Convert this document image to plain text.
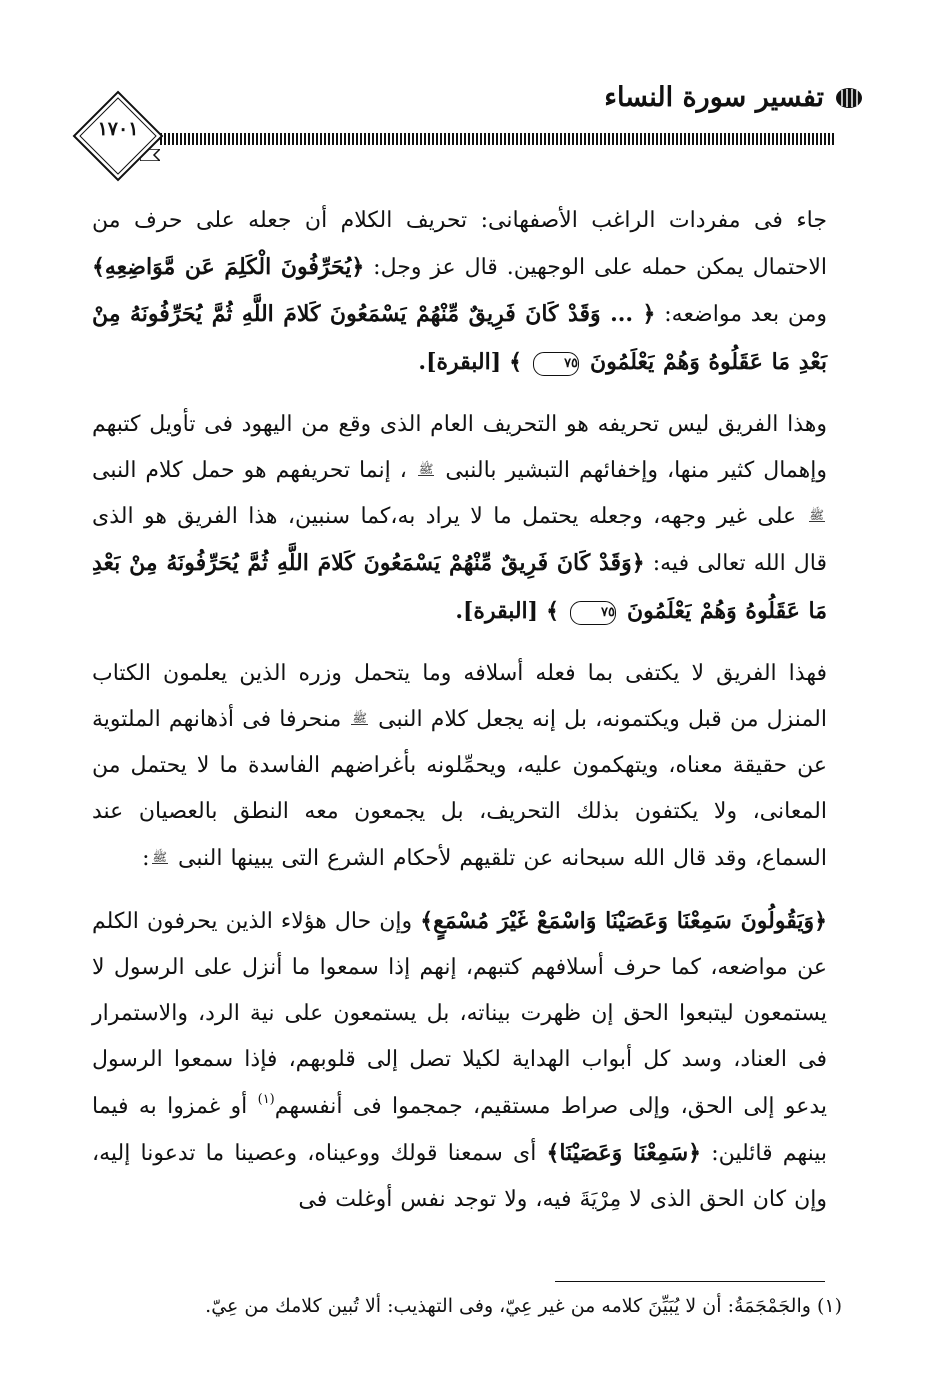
تفسير سورة النساء
١٧٠١

جاء فى مفردات الراغب الأصفهانى: تحريف الكلام أن جعله على حرف من الاحتمال يمكن حمله على الوجهين. قال عز وجل: ﴿يُحَرِّفُونَ الْكَلِمَ عَن مَّوَاضِعِهِ﴾ ومن بعد مواضعه: ﴿ ... وَقَدْ كَانَ فَرِيقٌ مِّنْهُمْ يَسْمَعُونَ كَلامَ اللَّهِ ثُمَّ يُحَرِّفُونَهُ مِنْ بَعْدِ مَا عَقَلُوهُ وَهُمْ يَعْلَمُونَ ٧٥ ﴾ [البقرة].

وهذا الفريق ليس تحريفه هو التحريف العام الذى وقع من اليهود فى تأويل كتبهم وإهمال كثير منها، وإخفائهم التبشير بالنبى ﷺ ، إنما تحريفهم هو حمل كلام النبى ﷺ على غير وجهه، وجعله يحتمل ما لا يراد به،كما سنبين، هذا الفريق هو الذى قال الله تعالى فيه: ﴿وَقَدْ كَانَ فَرِيقٌ مِّنْهُمْ يَسْمَعُونَ كَلامَ اللَّهِ ثُمَّ يُحَرِّفُونَهُ مِنْ بَعْدِ مَا عَقَلُوهُ وَهُمْ يَعْلَمُونَ ٧٥ ﴾ [البقرة].

فهذا الفريق لا يكتفى بما فعله أسلافه وما يتحمل وزره الذين يعلمون الكتاب المنزل من قبل ويكتمونه، بل إنه يجعل كلام النبى ﷺ منحرفا فى أذهانهم الملتوية عن حقيقة معناه، ويتهكمون عليه، ويحمِّلونه بأغراضهم الفاسدة ما لا يحتمل من المعانى، ولا يكتفون بذلك التحريف، بل يجمعون معه النطق بالعصيان عند السماع، وقد قال الله سبحانه عن تلقيهم لأحكام الشرع التى يبينها النبى ﷺ:

﴿وَيَقُولُونَ سَمِعْنَا وَعَصَيْنَا وَاسْمَعْ غَيْرَ مُسْمَعٍ﴾ وإن حال هؤلاء الذين يحرفون الكلم عن مواضعه، كما حرف أسلافهم كتبهم، إنهم إذا سمعوا ما أنزل على الرسول لا يستمعون ليتبعوا الحق إن ظهرت بيناته، بل يستمعون على نية الرد، والاستمرار فى العناد، وسد كل أبواب الهداية لكيلا تصل إلى قلوبهم، فإذا سمعوا الرسول يدعو إلى الحق، وإلى صراط مستقيم، جمجموا فى أنفسهم$^{(١)}$ أو غمزوا به فيما بينهم قائلين: ﴿سَمِعْنَا وَعَصَيْنَا﴾ أى سمعنا قولك ووعيناه، وعصينا ما تدعونا إليه، وإن كان الحق الذى لا مِرْيَةَ فيه، ولا توجد نفس أوغلت فى

(١) والجَمْجَمَةُ: أن لا يُبَيِّنَ كلامه من غير عِيّ، وفى التهذيب: ألا تُبين كلامك من عِيّ.
